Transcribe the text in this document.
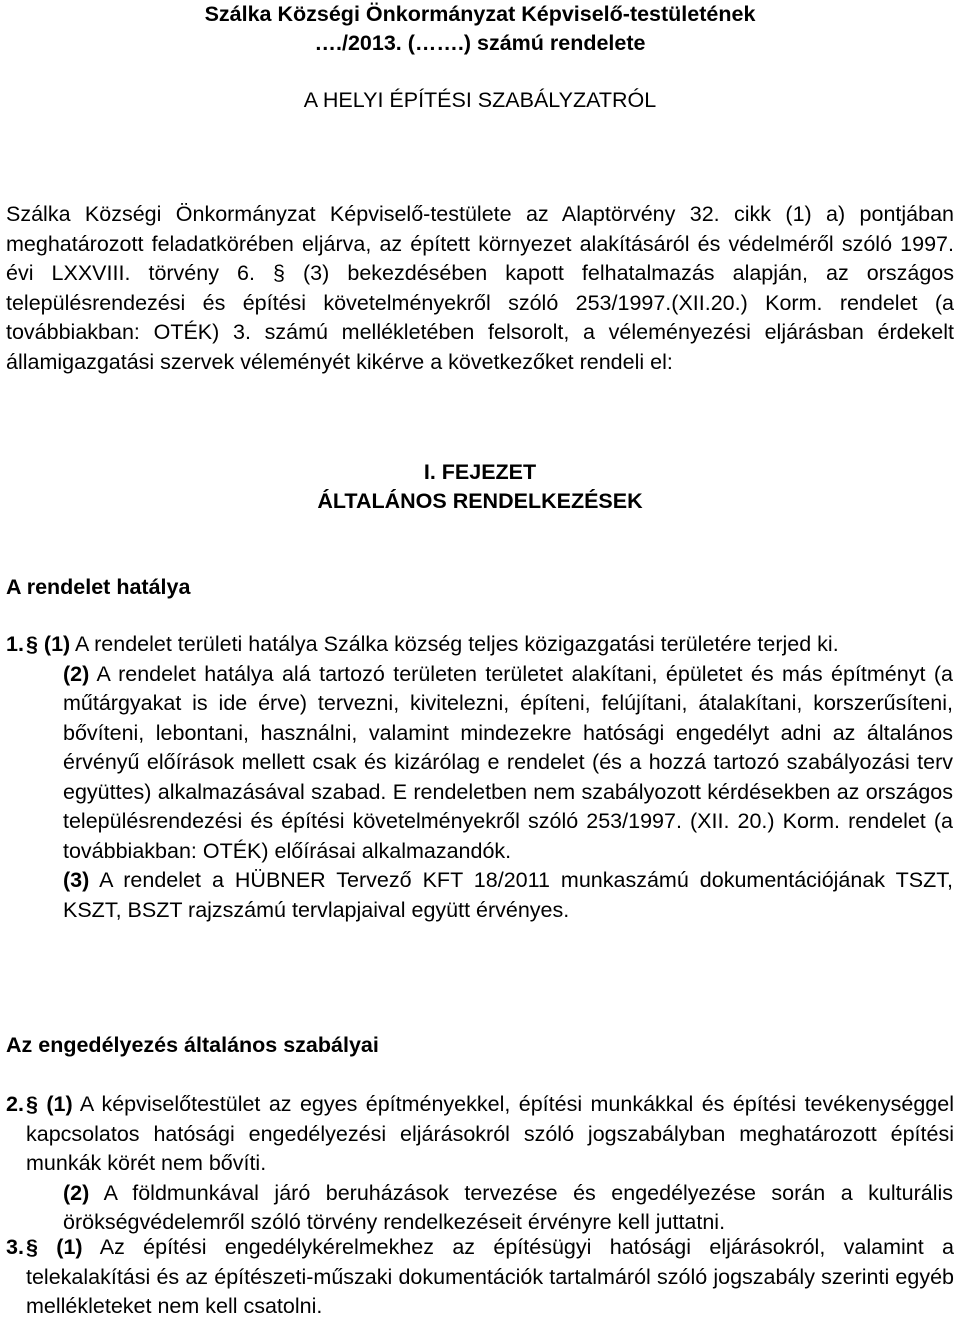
Szálka Községi Önkormányzat Képviselő-testületének
…./2013. (…….) számú rendelete
A HELYI ÉPÍTÉSI SZABÁLYZATRÓL

Szálka Községi Önkormányzat Képviselő-testülete az Alaptörvény 32. cikk (1) a) pontjában meghatározott feladatkörében eljárva, az épített környezet alakításáról és védelméről szóló 1997. évi LXXVIII. törvény 6. § (3) bekezdésében kapott felhatalmazás alapján, az országos településrendezési és építési követelményekről szóló 253/1997.(XII.20.) Korm. rendelet (a továbbiakban: OTÉK) 3. számú mellékletében felsorolt, a véleményezési eljárásban érdekelt államigazgatási szervek véleményét kikérve a következőket rendeli el:

I. FEJEZET
ÁLTALÁNOS RENDELKEZÉSEK
A rendelet hatálya
1. § (1) A rendelet területi hatálya Szálka község teljes közigazgatási területére terjed ki.
(2) A rendelet hatálya alá tartozó területen területet alakítani, épületet és más építményt (a műtárgyakat is ide érve) tervezni, kivitelezni, építeni, felújítani, átalakítani, korszerűsíteni, bővíteni, lebontani, használni, valamint mindezekre hatósági engedélyt adni az általános érvényű előírások mellett csak és kizárólag e rendelet (és a hozzá tartozó szabályozási terv együttes) alkalmazásával szabad. E rendeletben nem szabályozott kérdésekben az országos településrendezési és építési követelményekről szóló 253/1997. (XII. 20.) Korm. rendelet (a továbbiakban: OTÉK) előírásai alkalmazandók.
(3) A rendelet a HÜBNER Tervező KFT 18/2011 munkaszámú dokumentációjának TSZT, KSZT, BSZT rajzszámú tervlapjaival együtt érvényes.
Az engedélyezés általános szabályai
2. § (1) A képviselőtestület az egyes építményekkel, építési munkákkal és építési tevékenységgel kapcsolatos hatósági engedélyezési eljárásokról szóló jogszabályban meghatározott építési munkák körét nem bővíti.
(2) A földmunkával járó beruházások tervezése és engedélyezése során a kulturális örökségvédelemről szóló törvény rendelkezéseit érvényre kell juttatni.
3. § (1) Az építési engedélykérelmekhez az építésügyi hatósági eljárásokról, valamint a telekalakítási és az építészeti-műszaki dokumentációk tartalmáról szóló jogszabály szerinti egyéb mellékleteket nem kell csatolni.
